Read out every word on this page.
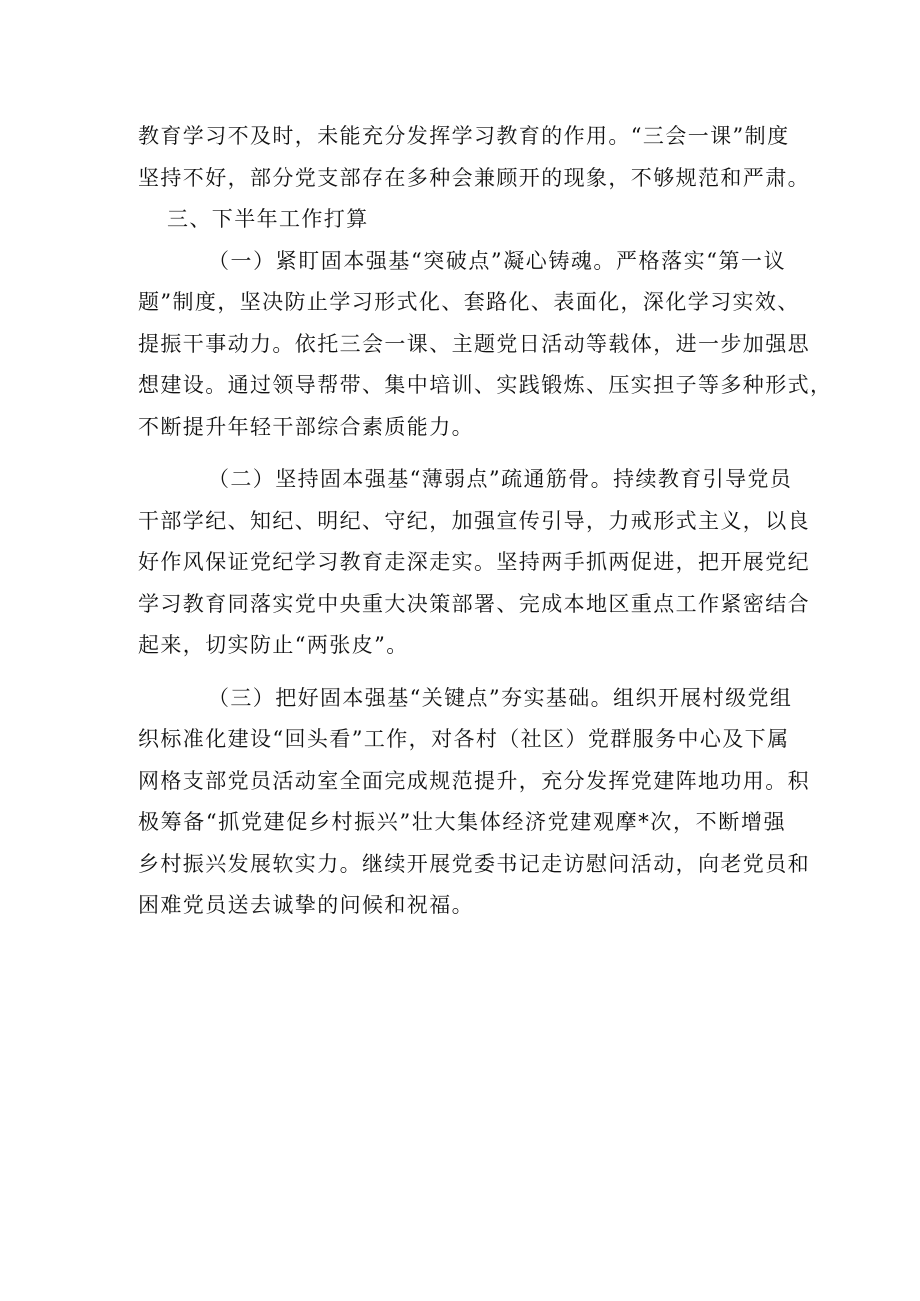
教育学习不及时，未能充分发挥学习教育的作用。“三会一课”制度
坚持不好，部分党支部存在多种会兼顾开的现象，不够规范和严肃。
三、下半年工作打算
（一）紧盯固本强基“突破点”凝心铸魂。严格落实“第一议
题”制度，坚决防止学习形式化、套路化、表面化，深化学习实效、
提振干事动力。依托三会一课、主题党日活动等载体，进一步加强思
想建设。通过领导帮带、集中培训、实践锻炼、压实担子等多种形式，
不断提升年轻干部综合素质能力。
（二）坚持固本强基“薄弱点”疏通筋骨。持续教育引导党员
干部学纪、知纪、明纪、守纪，加强宣传引导，力戒形式主义，以良
好作风保证党纪学习教育走深走实。坚持两手抓两促进，把开展党纪
学习教育同落实党中央重大决策部署、完成本地区重点工作紧密结合
起来，切实防止“两张皮”。
（三）把好固本强基“关键点”夯实基础。组织开展村级党组
织标准化建设“回头看”工作，对各村（社区）党群服务中心及下属
网格支部党员活动室全面完成规范提升，充分发挥党建阵地功用。积
极筹备“抓党建促乡村振兴”壮大集体经济党建观摩*次，不断增强
乡村振兴发展软实力。继续开展党委书记走访慰问活动，向老党员和
困难党员送去诚挚的问候和祝福。
